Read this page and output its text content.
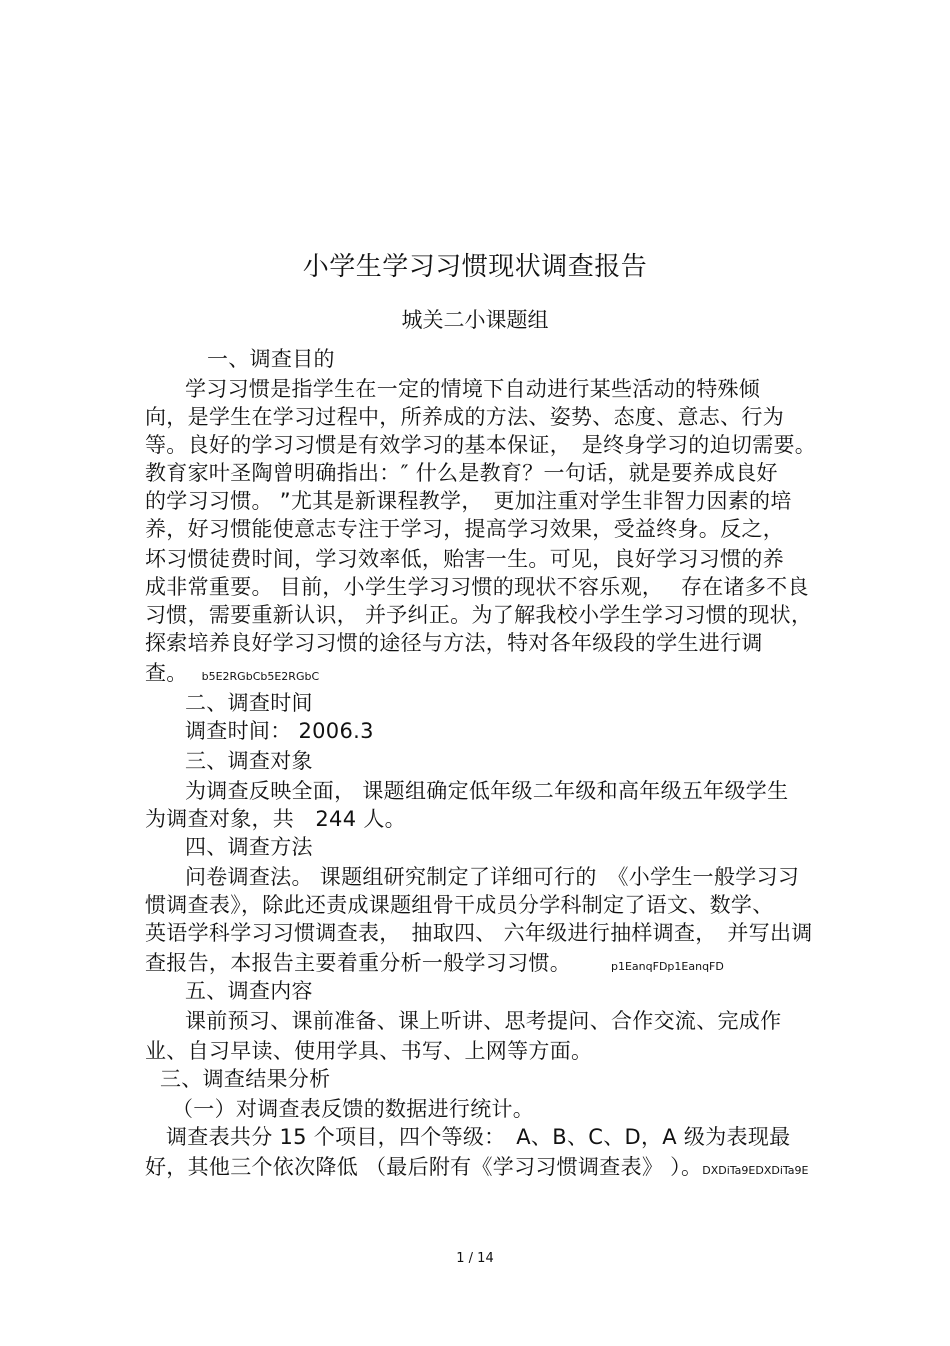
小学生学习习惯现状调查报告
城关二小课题组
一、调查目的
学习习惯是指学生在一定的情境下自动进行某些活动的特殊倾
向，是学生在学习过程中，所养成的方法、姿势、态度、意志、行为
等。良好的学习习惯是有效学习的基本保证，　是终身学习的迫切需要。
教育家叶圣陶曾明确指出：″ 什么是教育？一句话，就是要养成良好
的学习习惯。 ”尤其是新课程教学，　更加注重对学生非智力因素的培
养，好习惯能使意志专注于学习，提高学习效果，受益终身。反之，
坏习惯徒费时间，学习效率低，贻害一生。可见，良好学习习惯的养
成非常重要。 目前，小学生学习习惯的现状不容乐观，　 存在诸多不良
习惯，需要重新认识， 并予纠正。为了解我校小学生学习习惯的现状，
探索培养良好学习习惯的途径与方法，特对各年级段的学生进行调
查。 b5E2RGbCb5E2RGbC
二、调查时间
调查时间： 2006.3
三、调查对象
为调查反映全面， 课题组确定低年级二年级和高年级五年级学生
为调查对象，共　244 人。
四、调查方法
问卷调查法。 课题组研究制定了详细可行的　《小学生一般学习习
惯调查表》，除此还责成课题组骨干成员分学科制定了语文、数学、
英语学科学习习惯调查表，　抽取四、 六年级进行抽样调查，　并写出调
查报告，本报告主要着重分析一般学习习惯。	p1EanqFDp1EanqFD
五、调查内容
课前预习、课前准备、课上听讲、思考提问、合作交流、完成作
业、自习早读、使用学具、书写、上网等方面。
三、调查结果分析
（一）对调查表反馈的数据进行统计。
调查表共分 15 个项目，四个等级：　A、B、C、D，A 级为表现最
好，其他三个依次降低 （最后附有《学习习惯调查表》 ）。DXDiTa9EDXDiTa9E
1 / 14
